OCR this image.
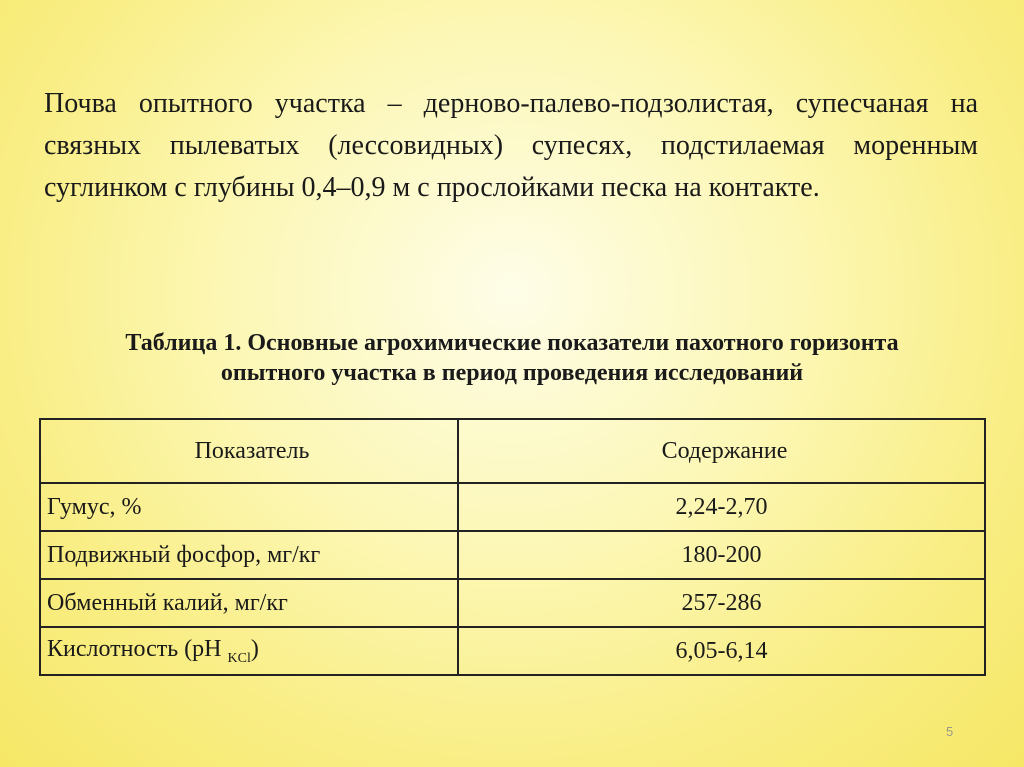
Почва опытного участка – дерново-палево-подзолистая, супесчаная на связных пылеватых (лессовидных) супесях, подстилаемая моренным суглинком с глубины 0,4–0,9 м с прослойками песка на контакте.

Таблица 1. Основные агрохимические показатели пахотного горизонта
опытного участка в период проведения исследований
Показатель	Содержание
Гумус, %	2,24-2,70
Подвижный фосфор, мг/кг	180-200
Обменный калий, мг/кг	257-286
Кислотность (pH $_{KCl}$)	6,05-6,14
5
